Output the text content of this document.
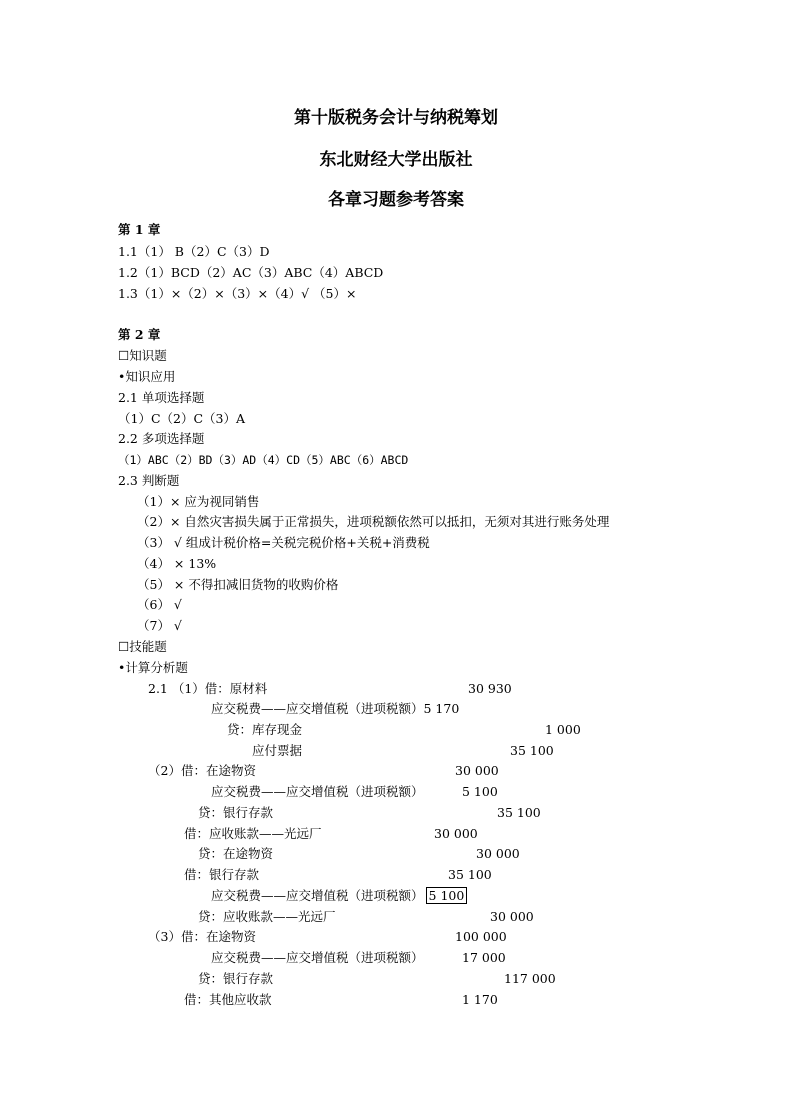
第十版税务会计与纳税筹划
东北财经大学出版社
各章习题参考答案
第 1 章
1.1（1） B（2）C（3）D
1.2（1）BCD（2）AC（3）ABC（4）ABCD
1.3（1）×（2）×（3）×（4）√ （5）×
第 2 章
☐知识题
•知识应用
2.1 单项选择题
（1）C（2）C（3）A
2.2 多项选择题
（1）ABC（2）BD（3）AD（4）CD（5）ABC（6）ABCD
2.3 判断题
（1）× 应为视同销售
（2）× 自然灾害损失属于正常损失，进项税额依然可以抵扣，无须对其进行账务处理
（3） √ 组成计税价格=关税完税价格+关税+消费税
（4） × 13%
（5） × 不得扣减旧货物的收购价格
（6） √
（7） √
☐技能题
•计算分析题
2.1 （1）借：原材料	30 930
应交税费——应交增值税（进项税额）5 170
贷：库存现金	1 000
应付票据	35 100
（2）借：在途物资	30 000
应交税费——应交增值税（进项税额）	5 100
贷：银行存款	35 100
借：应收账款——光远厂	30 000
贷：在途物资	30 000
借：银行存款	35 100
应交税费——应交增值税（进项税额） 5 100
贷：应收账款——光远厂	30 000
（3）借：在途物资	100 000
应交税费——应交增值税（进项税额）	17 000
贷：银行存款	117 000
借：其他应收款	1 170
